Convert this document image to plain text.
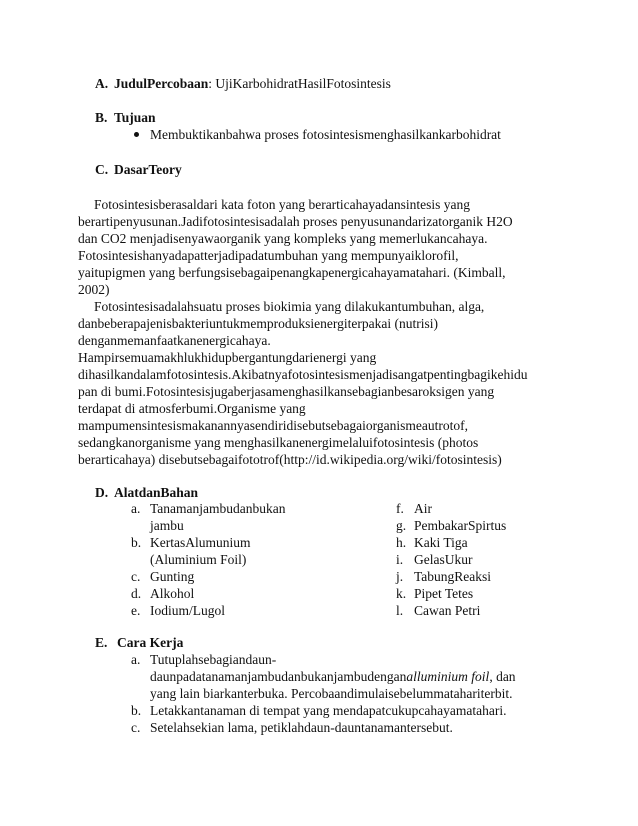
A. JudulPercobaan: UjiKarbohidratHasilFotosintesis
B. Tujuan
Membuktikanbahwa proses fotosintesismenghasilkankarbohidrat
C. DasarTeory
Fotosintesisberasaldari kata foton yang berarticahayadansintesis yang
berartipenyusunan.Jadifotosintesisadalah proses penyusunandarizatorganik H2O
dan CO2 menjadisenyawaorganik yang kompleks yang memerlukancahaya.
Fotosintesishanyadapatterjadipadatumbuhan yang mempunyaiklorofil,
yaitupigmen yang berfungsisebagaipenangkapenergicahayamatahari. (Kimball,
2002)
Fotosintesisadalahsuatu proses biokimia yang dilakukantumbuhan, alga,
danbeberapajenisbakteriuntukmemproduksienergiterpakai (nutrisi)
denganmemanfaatkanenergicahaya.
Hampirsemuamakhlukhidupbergantungdarienergi yang
dihasilkandalamfotosintesis.Akibatnyafotosintesismenjadisangatpentingbagikehidu
pan di bumi.Fotosintesisjugaberjasamenghasilkansebagianbesaroksigen yang
terdapat di atmosferbumi.Organisme yang
mampumensintesismakanannyasendiridisebutsebagaiorganismeautrotof,
sedangkanorganisme yang menghasilkanenergimelaluifotosintesis (photos
berarticahaya) disebutsebagaifototrof(http://id.wikipedia.org/wiki/fotosintesis)
D. AlatdanBahan
a. Tanamanjambudanbukan
jambu
b. KertasAlumunium
(Aluminium Foil)
c. Gunting
d. Alkohol
e. Iodium/Lugol
f. Air
g. PembakarSpirtus
h. Kaki Tiga
i. GelasUkur
j. TabungReaksi
k. Pipet Tetes
l. Cawan Petri
E. Cara Kerja
a. Tutuplahsebagiandaun-
daunpadatanamanjambudanbukanjambudenganalluminium foil, dan
yang lain biarkanterbuka. Percobaandimulaisebelummatahariterbit.
b. Letakkantanaman di tempat yang mendapatcukupcahayamatahari.
c. Setelahsekian lama, petiklahdaun-dauntanamantersebut.
